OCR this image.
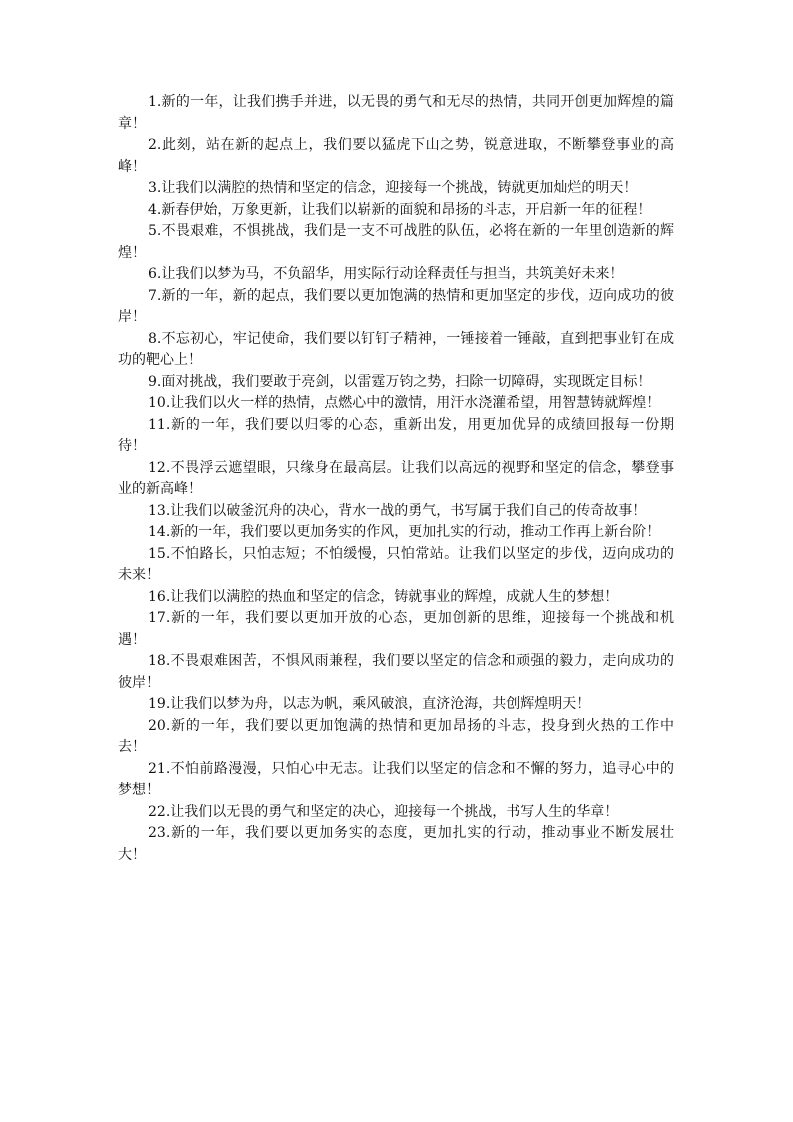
1.新的一年，让我们携手并进，以无畏的勇气和无尽的热情，共同开创更加辉煌的篇章！

2.此刻，站在新的起点上，我们要以猛虎下山之势，锐意进取，不断攀登事业的高峰！

3.让我们以满腔的热情和坚定的信念，迎接每一个挑战，铸就更加灿烂的明天！

4.新春伊始，万象更新，让我们以崭新的面貌和昂扬的斗志，开启新一年的征程！

5.不畏艰难，不惧挑战，我们是一支不可战胜的队伍，必将在新的一年里创造新的辉煌！

6.让我们以梦为马，不负韶华，用实际行动诠释责任与担当，共筑美好未来！

7.新的一年，新的起点，我们要以更加饱满的热情和更加坚定的步伐，迈向成功的彼岸！

8.不忘初心，牢记使命，我们要以钉钉子精神，一锤接着一锤敲，直到把事业钉在成功的靶心上！

9.面对挑战，我们要敢于亮剑，以雷霆万钧之势，扫除一切障碍，实现既定目标！

10.让我们以火一样的热情，点燃心中的激情，用汗水浇灌希望，用智慧铸就辉煌！

11.新的一年，我们要以归零的心态，重新出发，用更加优异的成绩回报每一份期待！

12.不畏浮云遮望眼，只缘身在最高层。让我们以高远的视野和坚定的信念，攀登事业的新高峰！

13.让我们以破釜沉舟的决心，背水一战的勇气，书写属于我们自己的传奇故事！

14.新的一年，我们要以更加务实的作风，更加扎实的行动，推动工作再上新台阶！

15.不怕路长，只怕志短；不怕缓慢，只怕常站。让我们以坚定的步伐，迈向成功的未来！

16.让我们以满腔的热血和坚定的信念，铸就事业的辉煌，成就人生的梦想！

17.新的一年，我们要以更加开放的心态，更加创新的思维，迎接每一个挑战和机遇！

18.不畏艰难困苦，不惧风雨兼程，我们要以坚定的信念和顽强的毅力，走向成功的彼岸！

19.让我们以梦为舟，以志为帆，乘风破浪，直济沧海，共创辉煌明天！

20.新的一年，我们要以更加饱满的热情和更加昂扬的斗志，投身到火热的工作中去！

21.不怕前路漫漫，只怕心中无志。让我们以坚定的信念和不懈的努力，追寻心中的梦想！

22.让我们以无畏的勇气和坚定的决心，迎接每一个挑战，书写人生的华章！

23.新的一年，我们要以更加务实的态度，更加扎实的行动，推动事业不断发展壮大！
